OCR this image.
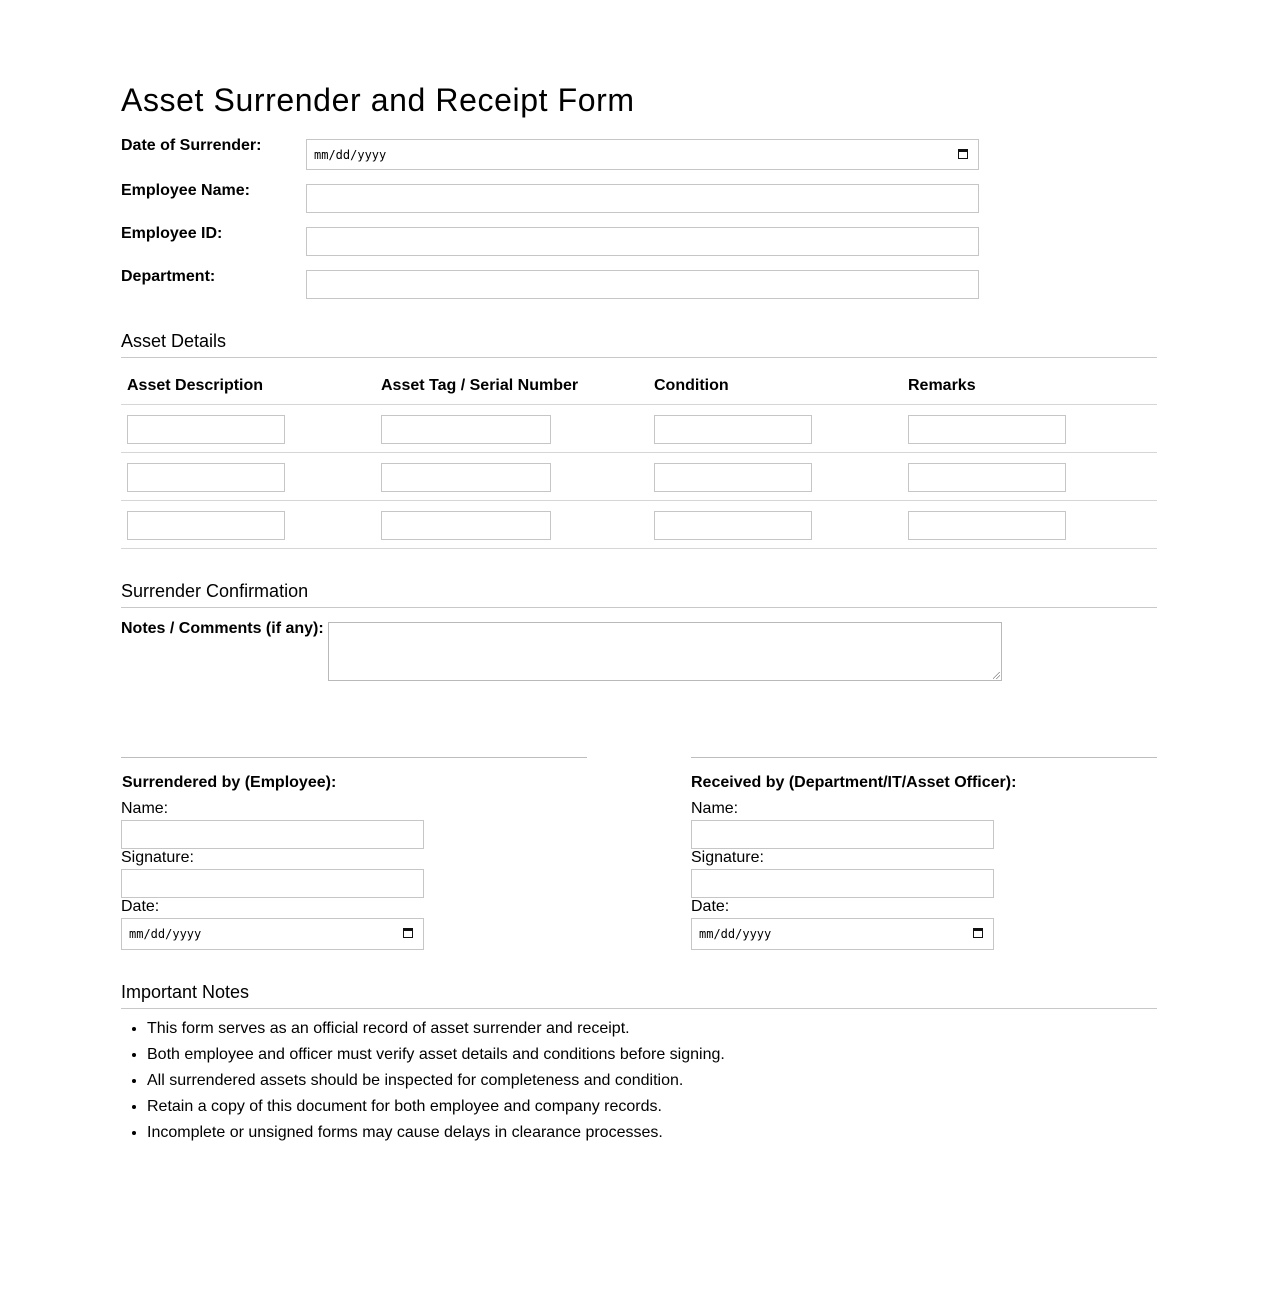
Asset Surrender and Receipt Form
Date of Surrender:
mm/dd/yyyy
Employee Name:
Employee ID:
Department:
Asset Details
Asset Description	Asset Tag / Serial Number	Condition	Remarks
Surrender Confirmation
Notes / Comments (if any):
Surrendered by (Employee):
Name:
Signature:
Date:
mm/dd/yyyy
Received by (Department/IT/Asset Officer):
Name:
Signature:
Date:
mm/dd/yyyy
Important Notes
• This form serves as an official record of asset surrender and receipt.
• Both employee and officer must verify asset details and conditions before signing.
• All surrendered assets should be inspected for completeness and condition.
• Retain a copy of this document for both employee and company records.
• Incomplete or unsigned forms may cause delays in clearance processes.
